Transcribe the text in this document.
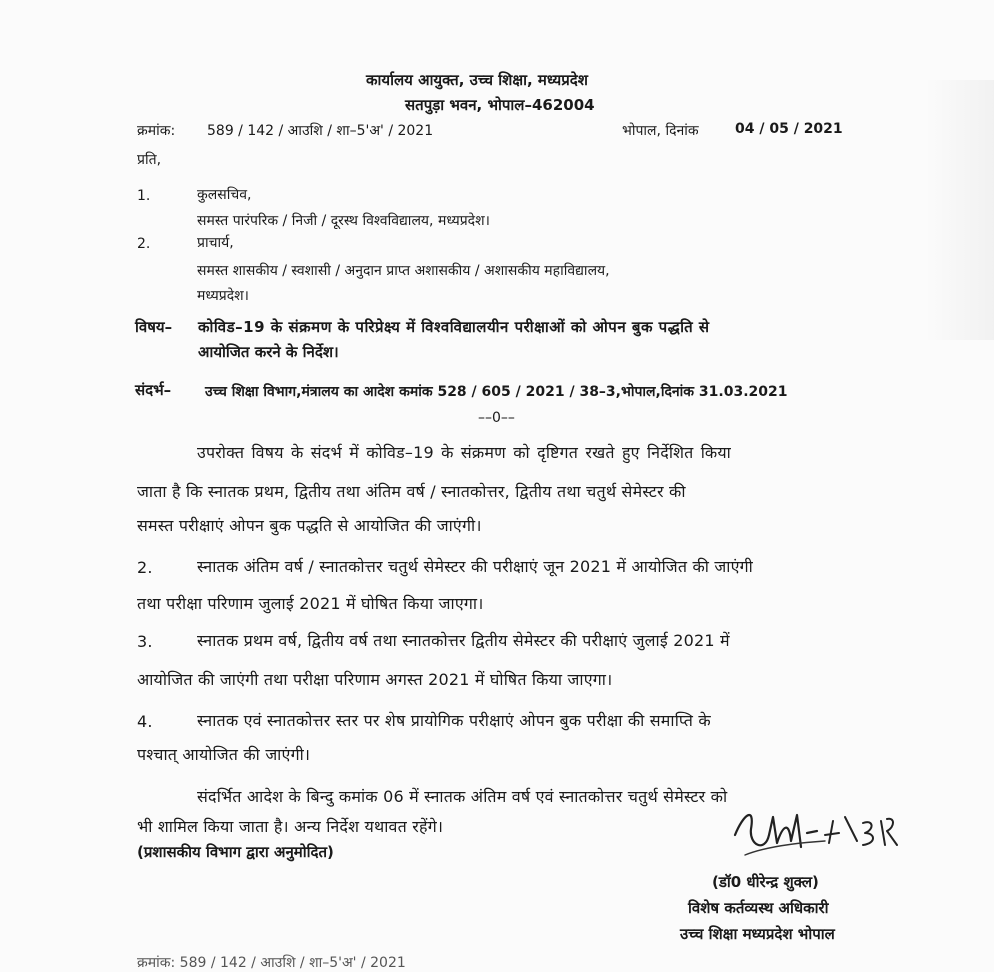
कार्यालय आयुक्त, उच्च शिक्षा, मध्यप्रदेश
सतपुड़ा भवन, भोपाल–462004
क्रमांक: 589 / 142 / आउशि / शा–5'अ' / 2021	भोपाल, दिनांक	04 / 05 / 2021
प्रति,
1.	कुलसचिव,
समस्त पारंपरिक / निजी / दूरस्थ विश्वविद्यालय, मध्यप्रदेश।
2.	प्राचार्य,
समस्त शासकीय / स्वशासी / अनुदान प्राप्त अशासकीय / अशासकीय महाविद्यालय,
मध्यप्रदेश।
विषय– कोविड–19 के संक्रमण के परिप्रेक्ष्य में विश्वविद्यालयीन परीक्षाओं को ओपन बुक पद्धति से
आयोजित करने के निर्देश।
संदर्भ– उच्च शिक्षा विभाग,मंत्रालय का आदेश कमांक 528 / 605 / 2021 / 38–3,भोपाल,दिनांक 31.03.2021
––0––
उपरोक्त विषय के संदर्भ में कोविड–19 के संक्रमण को दृष्टिगत रखते हुए निर्देशित किया
जाता है कि स्नातक प्रथम, द्वितीय तथा अंतिम वर्ष / स्नातकोत्तर, द्वितीय तथा चतुर्थ सेमेस्टर की
समस्त परीक्षाएं ओपन बुक पद्धति से आयोजित की जाएंगी।
2.	स्नातक अंतिम वर्ष / स्नातकोत्तर चतुर्थ सेमेस्टर की परीक्षाएं जून 2021 में आयोजित की जाएंगी
तथा परीक्षा परिणाम जुलाई 2021 में घोषित किया जाएगा।
3.	स्नातक प्रथम वर्ष, द्वितीय वर्ष तथा स्नातकोत्तर द्वितीय सेमेस्टर की परीक्षाएं जुलाई 2021 में
आयोजित की जाएंगी तथा परीक्षा परिणाम अगस्त 2021 में घोषित किया जाएगा।
4.	स्नातक एवं स्नातकोत्तर स्तर पर शेष प्रायोगिक परीक्षाएं ओपन बुक परीक्षा की समाप्ति के
पश्चात् आयोजित की जाएंगी।
संदर्भित आदेश के बिन्दु कमांक 06 में स्नातक अंतिम वर्ष एवं स्नातकोत्तर चतुर्थ सेमेस्टर को
भी शामिल किया जाता है। अन्य निर्देश यथावत रहेंगे।
(प्रशासकीय विभाग द्वारा अनुमोदित)
(डॉ0 धीरेन्द्र शुक्ल)
विशेष कर्तव्यस्थ अधिकारी
उच्च शिक्षा मध्यप्रदेश भोपाल
क्रमांक: 589 / 142 / आउशि / शा–5'अ' / 2021
